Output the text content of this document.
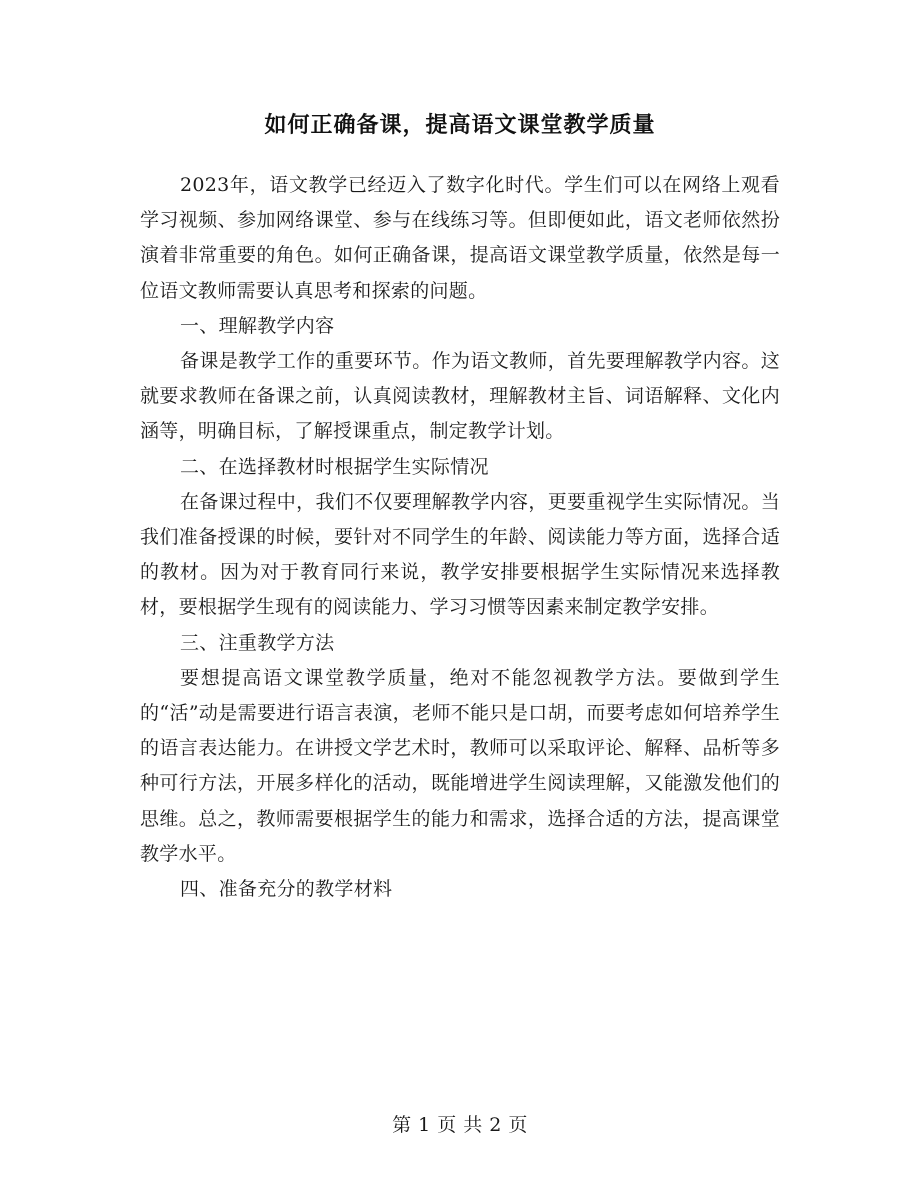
如何正确备课，提高语文课堂教学质量
zixin.com.cn

2023年，语文教学已经迈入了数字化时代。学生们可以在网络上观看学习视频、参加网络课堂、参与在线练习等。但即便如此，语文老师依然扮演着非常重要的角色。如何正确备课，提高语文课堂教学质量，依然是每一位语文教师需要认真思考和探索的问题。

一、理解教学内容

备课是教学工作的重要环节。作为语文教师，首先要理解教学内容。这就要求教师在备课之前，认真阅读教材，理解教材主旨、词语解释、文化内涵等，明确目标，了解授课重点，制定教学计划。

二、在选择教材时根据学生实际情况

在备课过程中，我们不仅要理解教学内容，更要重视学生实际情况。当我们准备授课的时候，要针对不同学生的年龄、阅读能力等方面，选择合适的教材。因为对于教育同行来说，教学安排要根据学生实际情况来选择教材，要根据学生现有的阅读能力、学习习惯等因素来制定教学安排。

三、注重教学方法

要想提高语文课堂教学质量，绝对不能忽视教学方法。要做到学生的“活”动是需要进行语言表演，老师不能只是口胡，而要考虑如何培养学生的语言表达能力。在讲授文学艺术时，教师可以采取评论、解释、品析等多种可行方法，开展多样化的活动，既能增进学生阅读理解，又能激发他们的思维。总之，教师需要根据学生的能力和需求，选择合适的方法，提高课堂教学水平。

四、准备充分的教学材料

第 1 页 共 2 页
